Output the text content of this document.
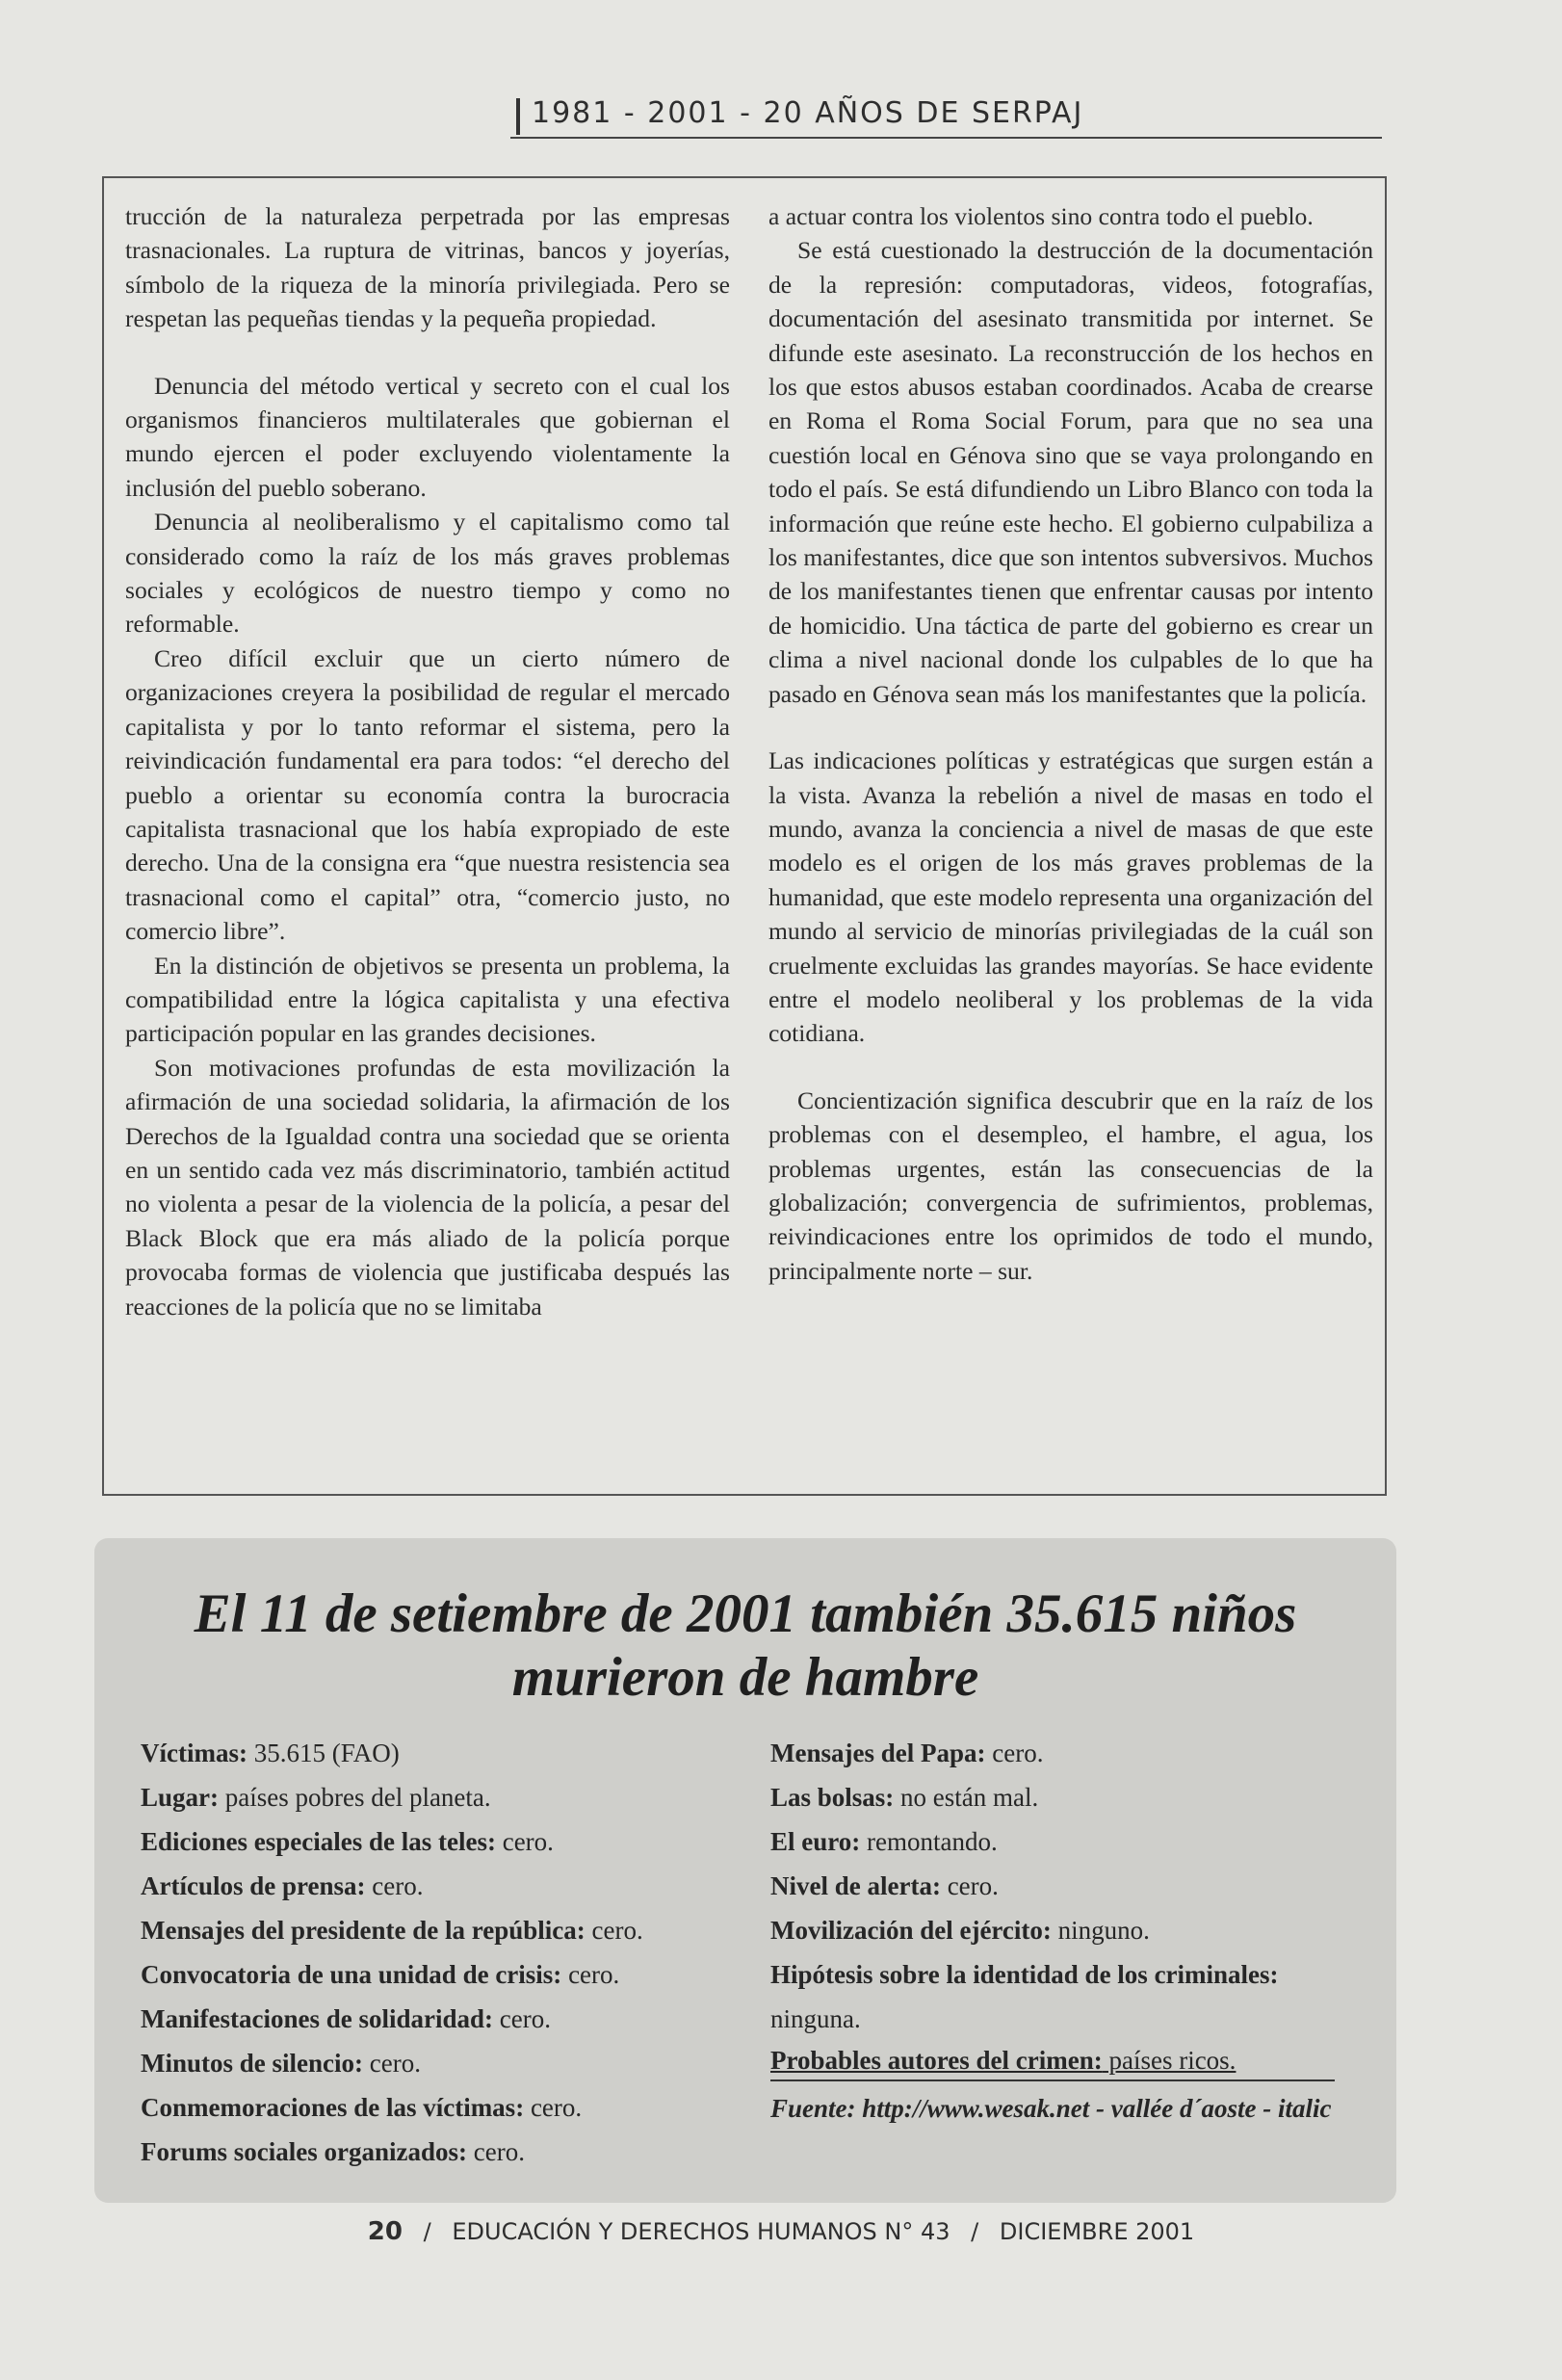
1981 - 2001 - 20 AÑOS DE SERPAJ

trucción de la naturaleza perpetrada por las empresas trasnacionales. La ruptura de vitrinas, bancos y joyerías, símbolo de la riqueza de la minoría privilegiada. Pero se respetan las pequeñas tiendas y la pequeña propiedad.

Denuncia del método vertical y secreto con el cual los organismos financieros multilaterales que gobiernan el mundo ejercen el poder excluyendo violentamente la inclusión del pueblo soberano.

Denuncia al neoliberalismo y el capitalismo como tal considerado como la raíz de los más graves problemas sociales y ecológicos de nuestro tiempo y como no reformable.

Creo difícil excluir que un cierto número de organizaciones creyera la posibilidad de regular el mercado capitalista y por lo tanto reformar el sistema, pero la reivindicación fundamental era para todos: “el derecho del pueblo a orientar su economía contra la burocracia capitalista trasnacional que los había expropiado de este derecho. Una de la consigna era “que nuestra resistencia sea trasnacional como el capital” otra, “comercio justo, no comercio libre”.

En la distinción de objetivos se presenta un problema, la compatibilidad entre la lógica capitalista y una efectiva participación popular en las grandes decisiones.

Son motivaciones profundas de esta movilización la afirmación de una sociedad solidaria, la afirmación de los Derechos de la Igualdad contra una sociedad que se orienta en un sentido cada vez más discriminatorio, también actitud no violenta a pesar de la violencia de la policía, a pesar del Black Block que era más aliado de la policía porque provocaba formas de violencia que justificaba después las reacciones de la policía que no se limitaba

a actuar contra los violentos sino contra todo el pueblo.

Se está cuestionado la destrucción de la documentación de la represión: computadoras, videos, fotografías, documentación del asesinato transmitida por internet. Se difunde este asesinato. La reconstrucción de los hechos en los que estos abusos estaban coordinados. Acaba de crearse en Roma el Roma Social Forum, para que no sea una cuestión local en Génova sino que se vaya prolongando en todo el país. Se está difundiendo un Libro Blanco con toda la información que reúne este hecho. El gobierno culpabiliza a los manifestantes, dice que son intentos subversivos. Muchos de los manifestantes tienen que enfrentar causas por intento de homicidio. Una táctica de parte del gobierno es crear un clima a nivel nacional donde los culpables de lo que ha pasado en Génova sean más los manifestantes que la policía.

Las indicaciones políticas y estratégicas que surgen están a la vista. Avanza la rebelión a nivel de masas en todo el mundo, avanza la conciencia a nivel de masas de que este modelo es el origen de los más graves problemas de la humanidad, que este modelo representa una organización del mundo al servicio de minorías privilegiadas de la cuál son cruelmente excluidas las grandes mayorías. Se hace evidente entre el modelo neoliberal y los problemas de la vida cotidiana.

Concientización significa descubrir que en la raíz de los problemas con el desempleo, el hambre, el agua, los problemas urgentes, están las consecuencias de la globalización; convergencia de sufrimientos, problemas, reivindicaciones entre los oprimidos de todo el mundo, principalmente norte – sur.

El 11 de setiembre de 2001 también 35.615 niños
murieron de hambre
Víctimas: 35.615 (FAO)
Lugar: países pobres del planeta.
Ediciones especiales de las teles: cero.
Artículos de prensa: cero.
Mensajes del presidente de la república: cero.
Convocatoria de una unidad de crisis: cero.
Manifestaciones de solidaridad: cero.
Minutos de silencio: cero.
Conmemoraciones de las víctimas: cero.
Forums sociales organizados: cero.
Mensajes del Papa: cero.
Las bolsas: no están mal.
El euro: remontando.
Nivel de alerta: cero.
Movilización del ejército: ninguno.
Hipótesis sobre la identidad de los criminales:
ninguna.
Probables autores del crimen: países ricos.
Fuente: http://www.wesak.net - vallée d´aoste - italic
20 / EDUCACIÓN Y DERECHOS HUMANOS N° 43 / DICIEMBRE 2001
